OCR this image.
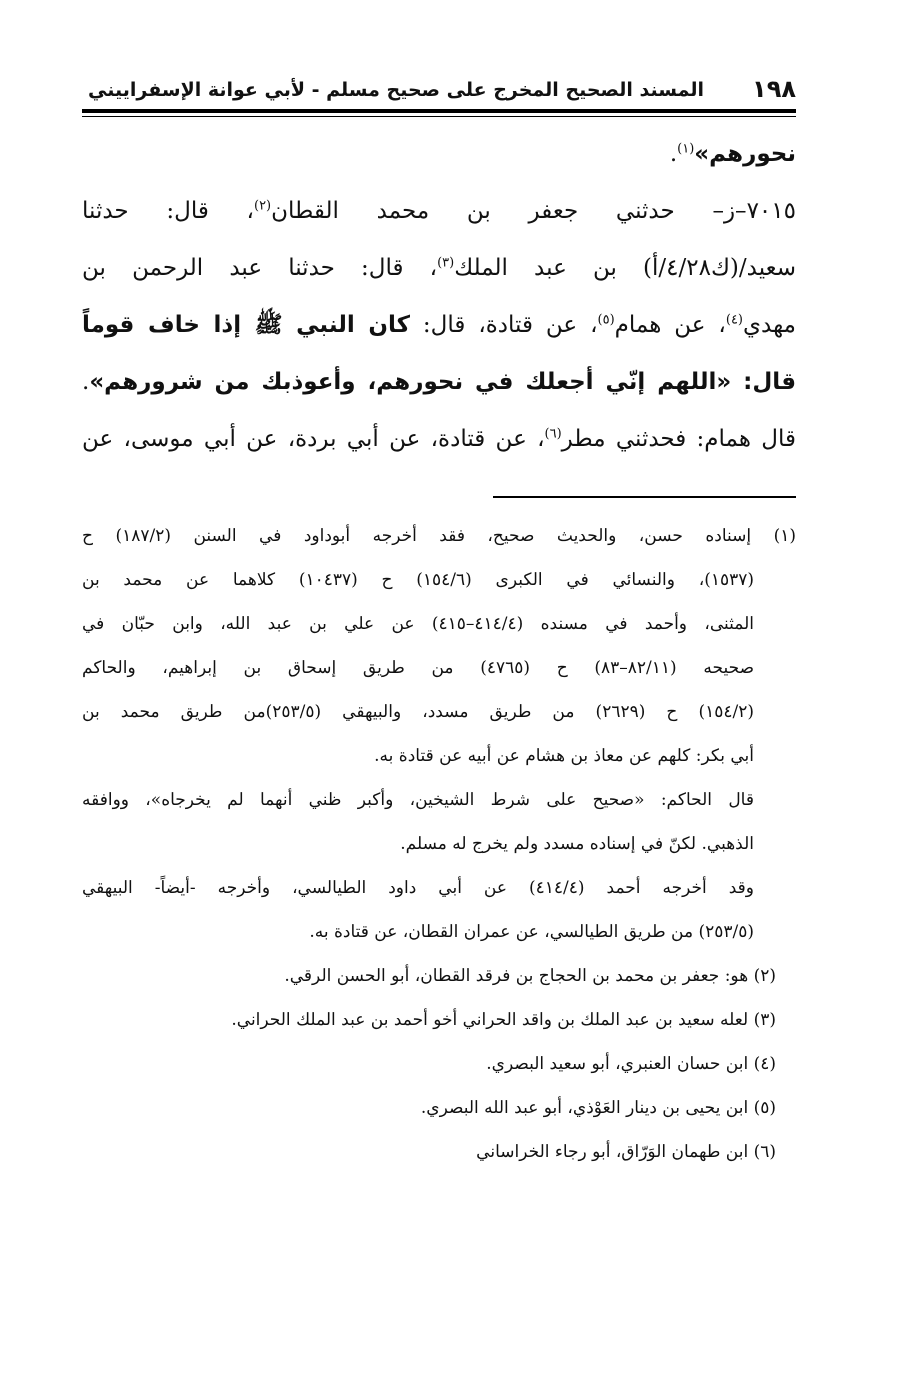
١٩٨
المسند الصحيح المخرج على صحيح مسلم - لأبي عوانة الإسفراييني
نحورهم»$^{(١)}$.
٧٠١٥–ز– حدثني جعفر بن محمد القطان$^{(٢)}$، قال: حدثنا
سعيد/(ك٤/٢٨/أ) بن عبد الملك$^{(٣)}$، قال: حدثنا عبد الرحمن بن
مهدي$^{(٤)}$، عن همام$^{(٥)}$، عن قتادة، قال: كان النبي ﷺ إذا خاف قوماً
قال: «اللهم إنّي أجعلك في نحورهم، وأعوذبك من شرورهم».
قال همام: فحدثني مطر$^{(٦)}$، عن قتادة، عن أبي بردة، عن أبي موسى، عن
(١) إسناده حسن، والحديث صحيح، فقد أخرجه أبوداود في السنن (١٨٧/٢) ح
(١٥٣٧)، والنسائي في الكبرى (١٥٤/٦) ح (١٠٤٣٧) كلاهما عن محمد بن
المثنى، وأحمد في مسنده (٤١٤/٤–٤١٥) عن علي بن عبد الله، وابن حبّان في
صحيحه (٨٢/١١–٨٣) ح (٤٧٦٥) من طريق إسحاق بن إبراهيم، والحاكم
(١٥٤/٢) ح (٢٦٢٩) من طريق مسدد، والبيهقي (٢٥٣/٥)من طريق محمد بن
أبي بكر: كلهم عن معاذ بن هشام عن أبيه عن قتادة به.
قال الحاكم: «صحيح على شرط الشيخين، وأكبر ظني أنهما لم يخرجاه»، ووافقه
الذهبي. لكنّ في إسناده مسدد ولم يخرج له مسلم.
وقد أخرجه أحمد (٤١٤/٤) عن أبي داود الطيالسي، وأخرجه -أيضاً- البيهقي
(٢٥٣/٥) من طريق الطيالسي، عن عمران القطان، عن قتادة به.
(٢) هو: جعفر بن محمد بن الحجاج بن فرقد القطان، أبو الحسن الرقي.
(٣) لعله سعيد بن عبد الملك بن واقد الحراني أخو أحمد بن عبد الملك الحراني.
(٤) ابن حسان العنبري، أبو سعيد البصري.
(٥) ابن يحيى بن دينار العَوْذي، أبو عبد الله البصري.
(٦) ابن طهمان الوَرّاق، أبو رجاء الخراساني
